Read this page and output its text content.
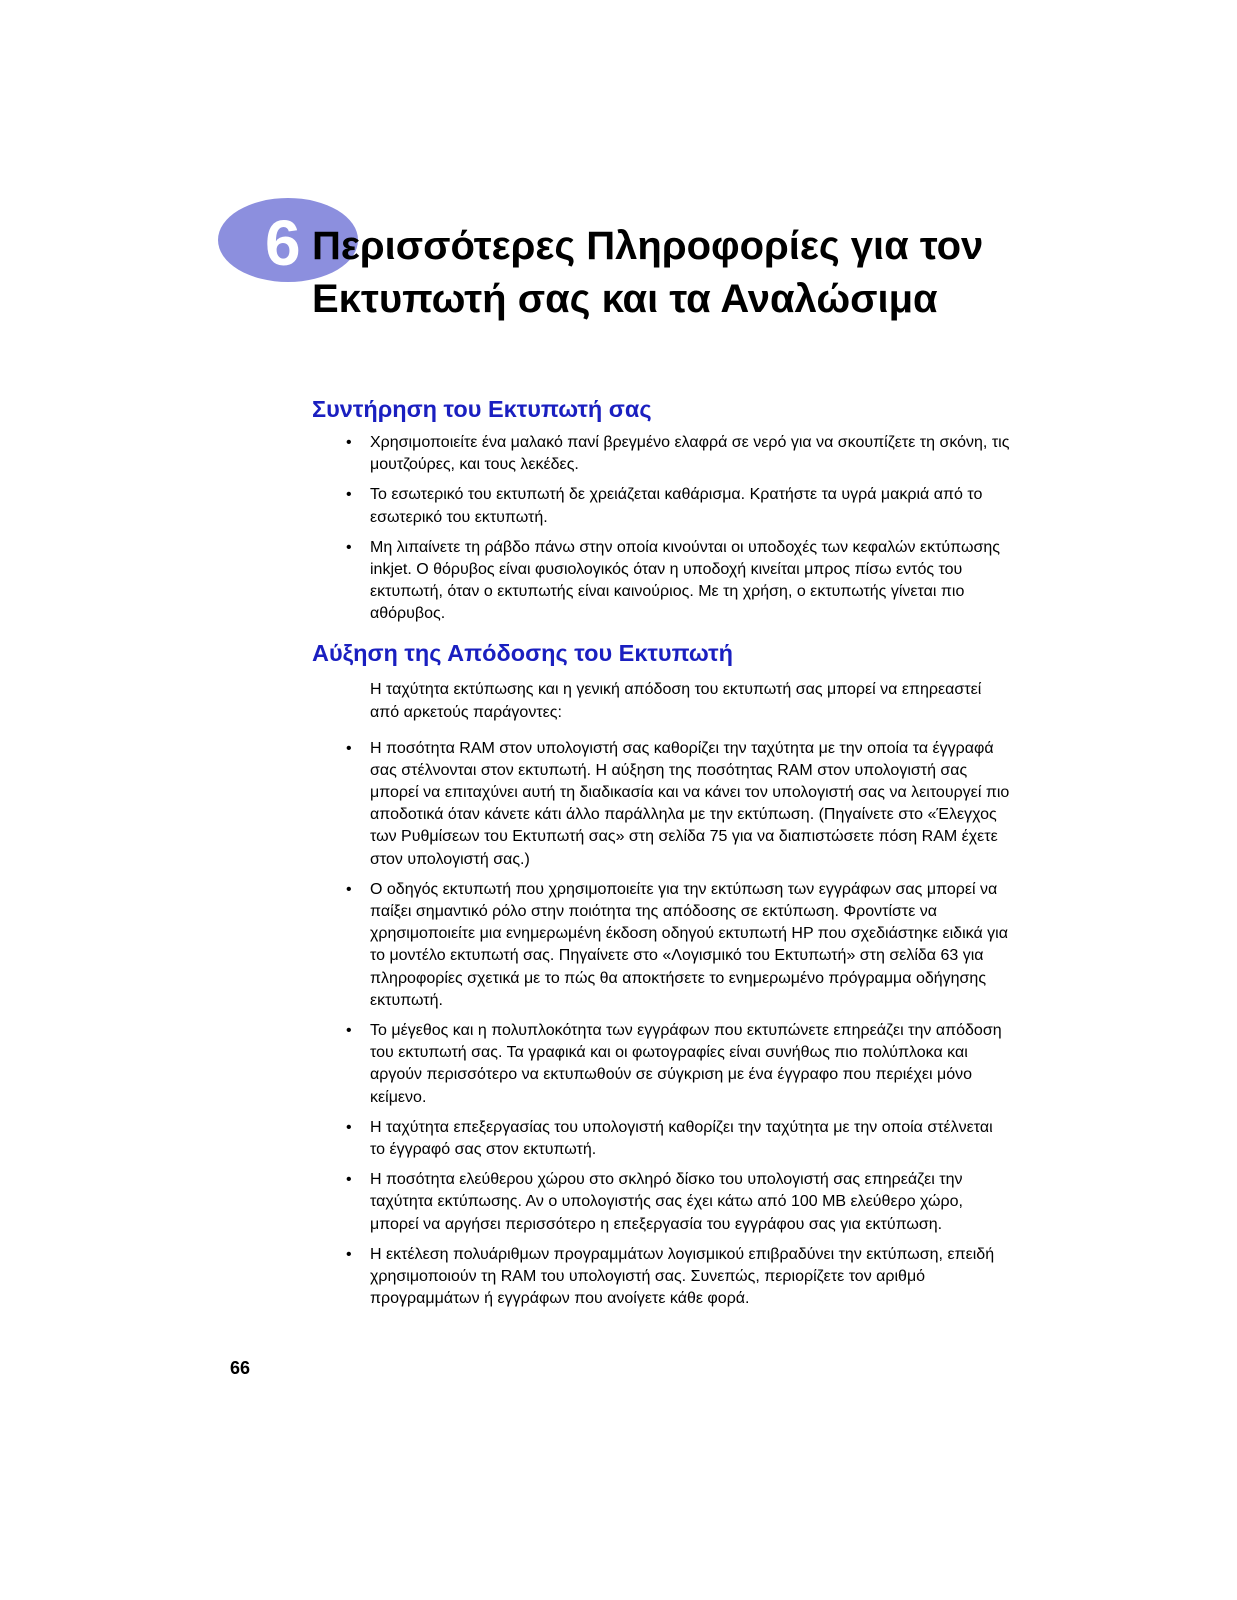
6 Περισσότερες Πληροφορίες για τον Εκτυπωτή σας και τα Αναλώσιμα
Συντήρηση του Εκτυπωτή σας
• Χρησιμοποιείτε ένα μαλακό πανί βρεγμένο ελαφρά σε νερό για να σκουπίζετε τη σκόνη, τις μουτζούρες, και τους λεκέδες.
• Το εσωτερικό του εκτυπωτή δε χρειάζεται καθάρισμα. Κρατήστε τα υγρά μακριά από το εσωτερικό του εκτυπωτή.
• Μη λιπαίνετε τη ράβδο πάνω στην οποία κινούνται οι υποδοχές των κεφαλών εκτύπωσης inkjet. Ο θόρυβος είναι φυσιολογικός όταν η υποδοχή κινείται μπρος πίσω εντός του εκτυπωτή, όταν ο εκτυπωτής είναι καινούριος. Με τη χρήση, ο εκτυπωτής γίνεται πιο αθόρυβος.
Αύξηση της Απόδοσης του Εκτυπωτή

Η ταχύτητα εκτύπωσης και η γενική απόδοση του εκτυπωτή σας μπορεί να επηρεαστεί από αρκετούς παράγοντες:

• Η ποσότητα RAM στον υπολογιστή σας καθορίζει την ταχύτητα με την οποία τα έγγραφά σας στέλνονται στον εκτυπωτή. Η αύξηση της ποσότητας RAM στον υπολογιστή σας μπορεί να επιταχύνει αυτή τη διαδικασία και να κάνει τον υπολογιστή σας να λειτουργεί πιο αποδοτικά όταν κάνετε κάτι άλλο παράλληλα με την εκτύπωση. (Πηγαίνετε στο «Έλεγχος των Ρυθμίσεων του Εκτυπωτή σας» στη σελίδα 75 για να διαπιστώσετε πόση RAM έχετε στον υπολογιστή σας.)
• Ο οδηγός εκτυπωτή που χρησιμοποιείτε για την εκτύπωση των εγγράφων σας μπορεί να παίξει σημαντικό ρόλο στην ποιότητα της απόδοσης σε εκτύπωση. Φροντίστε να χρησιμοποιείτε μια ενημερωμένη έκδοση οδηγού εκτυπωτή HP που σχεδιάστηκε ειδικά για το μοντέλο εκτυπωτή σας. Πηγαίνετε στο «Λογισμικό του Εκτυπωτή» στη σελίδα 63 για πληροφορίες σχετικά με το πώς θα αποκτήσετε το ενημερωμένο πρόγραμμα οδήγησης εκτυπωτή.
• Το μέγεθος και η πολυπλοκότητα των εγγράφων που εκτυπώνετε επηρεάζει την απόδοση του εκτυπωτή σας. Τα γραφικά και οι φωτογραφίες είναι συνήθως πιο πολύπλοκα και αργούν περισσότερο να εκτυπωθούν σε σύγκριση με ένα έγγραφο που περιέχει μόνο κείμενο.
• Η ταχύτητα επεξεργασίας του υπολογιστή καθορίζει την ταχύτητα με την οποία στέλνεται το έγγραφό σας στον εκτυπωτή.
• Η ποσότητα ελεύθερου χώρου στο σκληρό δίσκο του υπολογιστή σας επηρεάζει την ταχύτητα εκτύπωσης. Αν ο υπολογιστής σας έχει κάτω από 100 MB ελεύθερο χώρο, μπορεί να αργήσει περισσότερο η επεξεργασία του εγγράφου σας για εκτύπωση.
• Η εκτέλεση πολυάριθμων προγραμμάτων λογισμικού επιβραδύνει την εκτύπωση, επειδή χρησιμοποιούν τη RAM του υπολογιστή σας. Συνεπώς, περιορίζετε τον αριθμό προγραμμάτων ή εγγράφων που ανοίγετε κάθε φορά.
66
